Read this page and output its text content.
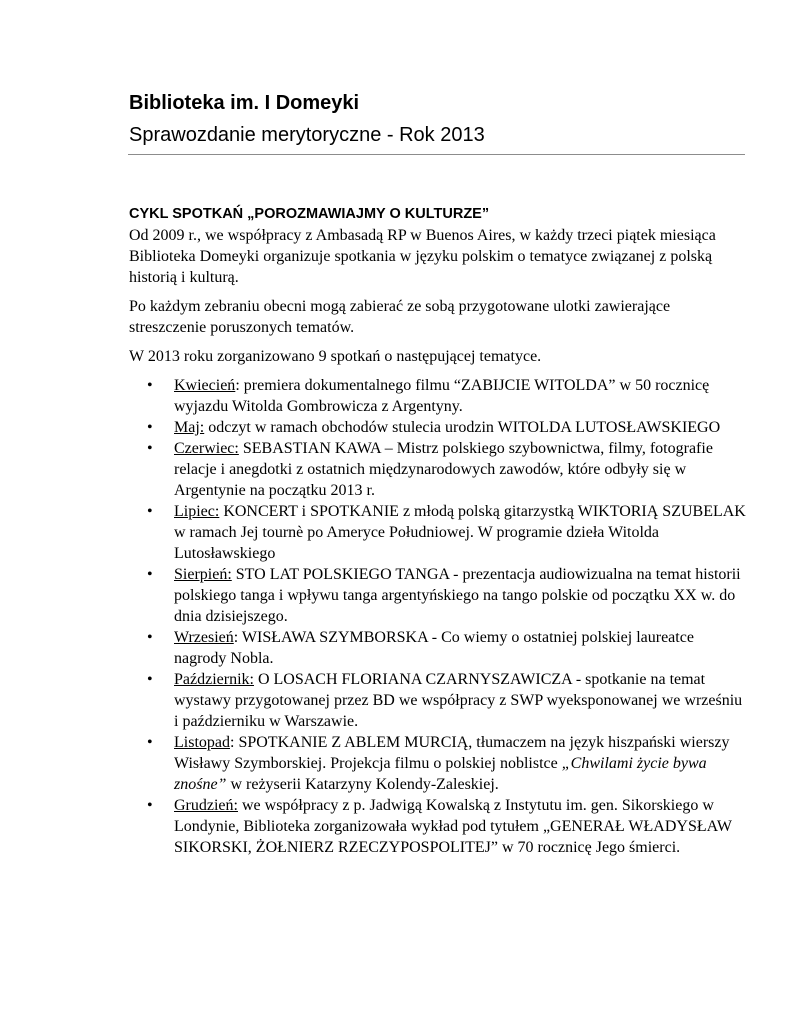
Biblioteka im. I Domeyki
Sprawozdanie merytoryczne - Rok 2013

CYKL SPOTKAŃ „POROZMAWIAJMY O KULTURZE”

Od 2009 r., we współpracy z Ambasadą RP w Buenos Aires, w każdy trzeci piątek miesiąca Biblioteka Domeyki organizuje spotkania w języku polskim o tematyce związanej z polską historią i kulturą.

Po każdym zebraniu obecni mogą zabierać ze sobą przygotowane ulotki zawierające streszczenie poruszonych tematów.

W 2013 roku zorganizowano 9 spotkań o następującej tematyce.

• Kwiecień: premiera dokumentalnego filmu “ZABIJCIE WITOLDA” w 50 rocznicę wyjazdu Witolda Gombrowicza z Argentyny.
• Maj: odczyt w ramach obchodów stulecia urodzin WITOLDA LUTOSŁAWSKIEGO
• Czerwiec: SEBASTIAN KAWA – Mistrz polskiego szybownictwa, filmy, fotografie relacje i anegdotki z ostatnich międzynarodowych zawodów, które odbyły się w Argentynie na początku 2013 r.
• Lipiec: KONCERT i SPOTKANIE z młodą polską gitarzystką WIKTORIĄ SZUBELAK w ramach Jej tournè po Ameryce Południowej. W programie dzieła Witolda Lutosławskiego
• Sierpień: STO LAT POLSKIEGO TANGA - prezentacja audiowizualna na temat historii polskiego tanga i wpływu tanga argentyńskiego na tango polskie od początku XX w. do dnia dzisiejszego.
• Wrzesień: WISŁAWA SZYMBORSKA - Co wiemy o ostatniej polskiej laureatce nagrody Nobla.
• Październik: O LOSACH FLORIANA CZARNYSZAWICZA - spotkanie na temat wystawy przygotowanej przez BD we współpracy z SWP wyeksponowanej we wrześniu i październiku w Warszawie.
• Listopad: SPOTKANIE Z ABLEM MURCIĄ, tłumaczem na język hiszpański wierszy Wisławy Szymborskiej. Projekcja filmu o polskiej noblistce „Chwilami życie bywa znośne” w reżyserii Katarzyny Kolendy-Zaleskiej.
• Grudzień: we współpracy z p. Jadwigą Kowalską z Instytutu im. gen. Sikorskiego w Londynie, Biblioteka zorganizowała wykład pod tytułem „GENERAŁ WŁADYSŁAW SIKORSKI, ŻOŁNIERZ RZECZYPOSPOLITEJ” w 70 rocznicę Jego śmierci.
